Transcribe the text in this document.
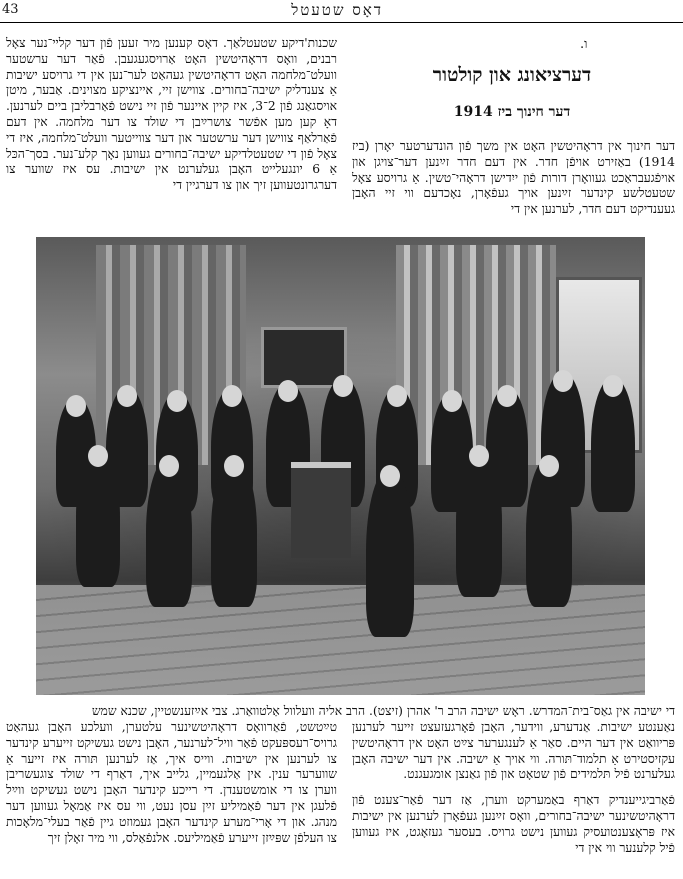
43	דאָס שטעטל
ו.
דערציאונג און קולטור
דער חינוך ביז 1914

דער חינוך אין דראָהיטשין האָט אין משך פֿון הונדערטער יאָרן (ביז 1914) באַזירט אויפֿן חדר. אין דעם חדר זײַנען דער־צויגן און אויפֿגעבראַכט געוואָרן דורות פֿון ייִדישן דראָהי־טשין. אַ גרויסע צאָל שטעטלשע קינדער זײַנען אויך געפֿאָרן, נאָכדעם ווי זיי האָבן געענדיקט דעם חדר, לערנען אין די

שכנות'דיקע שטעטלאַך. דאָס קענען מיר זעען פֿון דער קליי־נער צאָל רבנים, וואָס דראָהיטשין האָט אַרויסגעגעבן. פֿאַר דער ערשטער וועלט־מלחמה האָט דראָהיטשין געהאַט לער־נען אין די גרויסע ישיבות אַ צענדליק ישיבה־בחורים. צווישן זיי, איינציקע מצוינים. אַבער, מיטן אויסגאַנג פֿון 2־3, איז קיין איינער פֿון זיי נישט פֿאַרבליבן ביים לערנען. דאָ קען מען אפֿשר צושרײַבן די שולד צו דער מלחמה. אין דעם פֿאַרלאַף צווישן דער ערשטער און דער צווייטער וועלט־מלחמה, איז די צאָל פֿון די שטעטלדיקע ישיבה־בחורים געווען נאָך קלע־נער. בסך־הכּל אַ 6 יונגעלייט האָבן געלערנט אין ישיבות. עס איז שווער צו דערגרונטעווען זיך און צו דערגיין די

די ישיבה אין גאַס־בית־המדרש. ראָש ישיבה הרב ר' אהרן (זיצט). הרב אליה וועלוול אַלטוואַרג. צבי אײַזענשטיין, שכנא שמש

נאַענטע ישיבות. אַנדערע, ווידער, האָבן פֿאָרגעזעצט זייער לערנען פּריוואַט אין דער היים. סאַר אַ לענגערער צײַט האָט אין דראָהיטשין עקזיסטירט אַ תלמוד־תּורה. ווי אויך אַ ישיבה. אין דער ישיבה האָבן געלערנט פֿיל תּלמידים פֿון שטאָט און פֿון גאַנצן אומגעגנט.

פֿאַרביגייענדיק דאַרף באַמערקט ווערן, אַז דער פֿאַר־צענט פֿון דראָהיטשינער ישיבה־בחורים, וואָס זײַנען געפֿאָרן לערנען אין ישיבות איז פּראָצענטועסיק געווען נישט גרויס. בעסער געזאָגט, איז געווען פֿיל קלענער ווי אין די

טײַטשט, פֿאַרוואָס דראָהיטשינער עלטערן, וועלכע האָבן געהאַט גרויס־רעספּעקט פֿאַר וויל־לערנער, האָבן נישט געשיקט זייערע קינדער צו לערנען אין ישיבות. ווייס איך, אַז לערנען תּורה איז זייער אַ שווערער ענין. אין אַלגעמיין, גלייב איך, דאַרף די שולד צוגעשריבן ווערן צו די אומשטענדן. די רייכע קינדער האָבן נישט געשיקט ווײַל פֿלעגן אין דער פֿאַמיליע זײַן עסן נעט, ווי עס איז אַמאָל געווען דער מנהג. און די אָרי־מערע קינדער האָבן געמוזט גיין פֿאַר בעלי־מלאָכות צו העלפֿן שפּײַזן זייערע פֿאַמיליעס. אלנפֿאַלס, ווי מיר זאָלן זיך
